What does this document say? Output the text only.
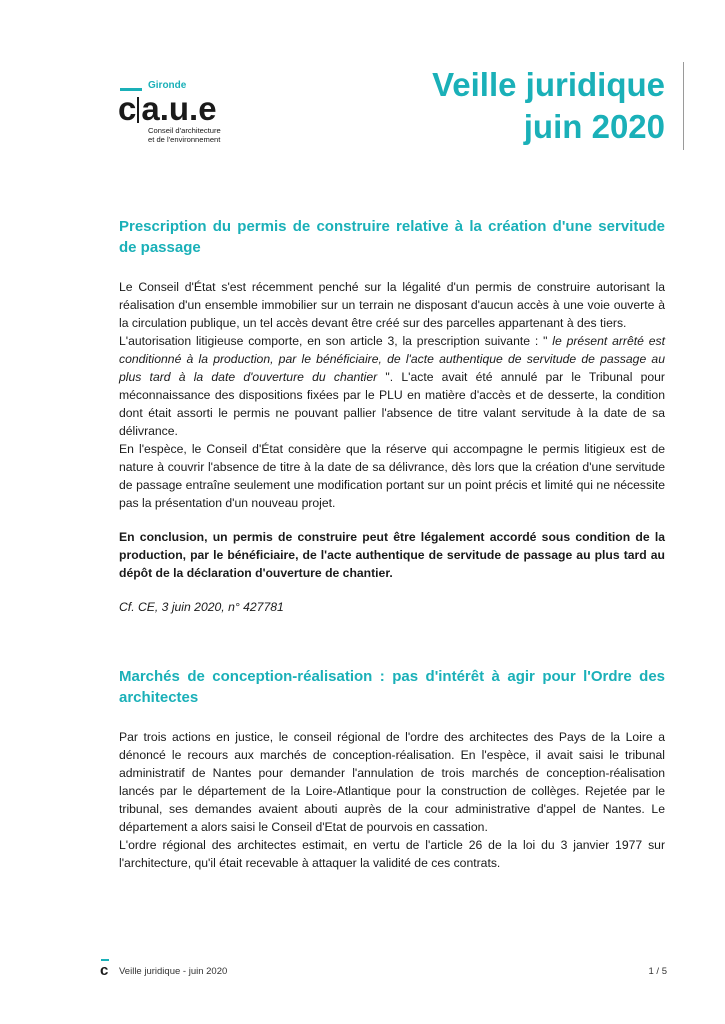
Gironde
c a.u.e
Conseil d'architecture
et de l'environnement
Veille juridique
juin 2020
Prescription du permis de construire relative à la création d'une servitude de passage

Le Conseil d'État s'est récemment penché sur la légalité d'un permis de construire autorisant la réalisation d'un ensemble immobilier sur un terrain ne disposant d'aucun accès à une voie ouverte à la circulation publique, un tel accès devant être créé sur des parcelles appartenant à des tiers.

L'autorisation litigieuse comporte, en son article 3, la prescription suivante : " le présent arrêté est conditionné à la production, par le bénéficiaire, de l'acte authentique de servitude de passage au plus tard à la date d'ouverture du chantier ". L'acte avait été annulé par le Tribunal pour méconnaissance des dispositions fixées par le PLU en matière d'accès et de desserte, la condition dont était assorti le permis ne pouvant pallier l'absence de titre valant servitude à la date de sa délivrance.

En l'espèce, le Conseil d'État considère que la réserve qui accompagne le permis litigieux est de nature à couvrir l'absence de titre à la date de sa délivrance, dès lors que la création d'une servitude de passage entraîne seulement une modification portant sur un point précis et limité qui ne nécessite pas la présentation d'un nouveau projet.

En conclusion, un permis de construire peut être légalement accordé sous condition de la production, par le bénéficiaire, de l'acte authentique de servitude de passage au plus tard au dépôt de la déclaration d'ouverture de chantier.

Cf. CE, 3 juin 2020, n° 427781

Marchés de conception-réalisation : pas d'intérêt à agir pour l'Ordre des architectes

Par trois actions en justice, le conseil régional de l'ordre des architectes des Pays de la Loire a dénoncé le recours aux marchés de conception-réalisation. En l'espèce, il avait saisi le tribunal administratif de Nantes pour demander l'annulation de trois marchés de conception-réalisation lancés par le département de la Loire-Atlantique pour la construction de collèges. Rejetée par le tribunal, ses demandes avaient abouti auprès de la cour administrative d'appel de Nantes. Le département a alors saisi le Conseil d'Etat de pourvois en cassation.

L'ordre régional des architectes estimait, en vertu de l'article 26 de la loi du 3 janvier 1977 sur l'architecture, qu'il était recevable à attaquer la validité de ces contrats.

c Veille juridique - juin 2020	1 / 5
